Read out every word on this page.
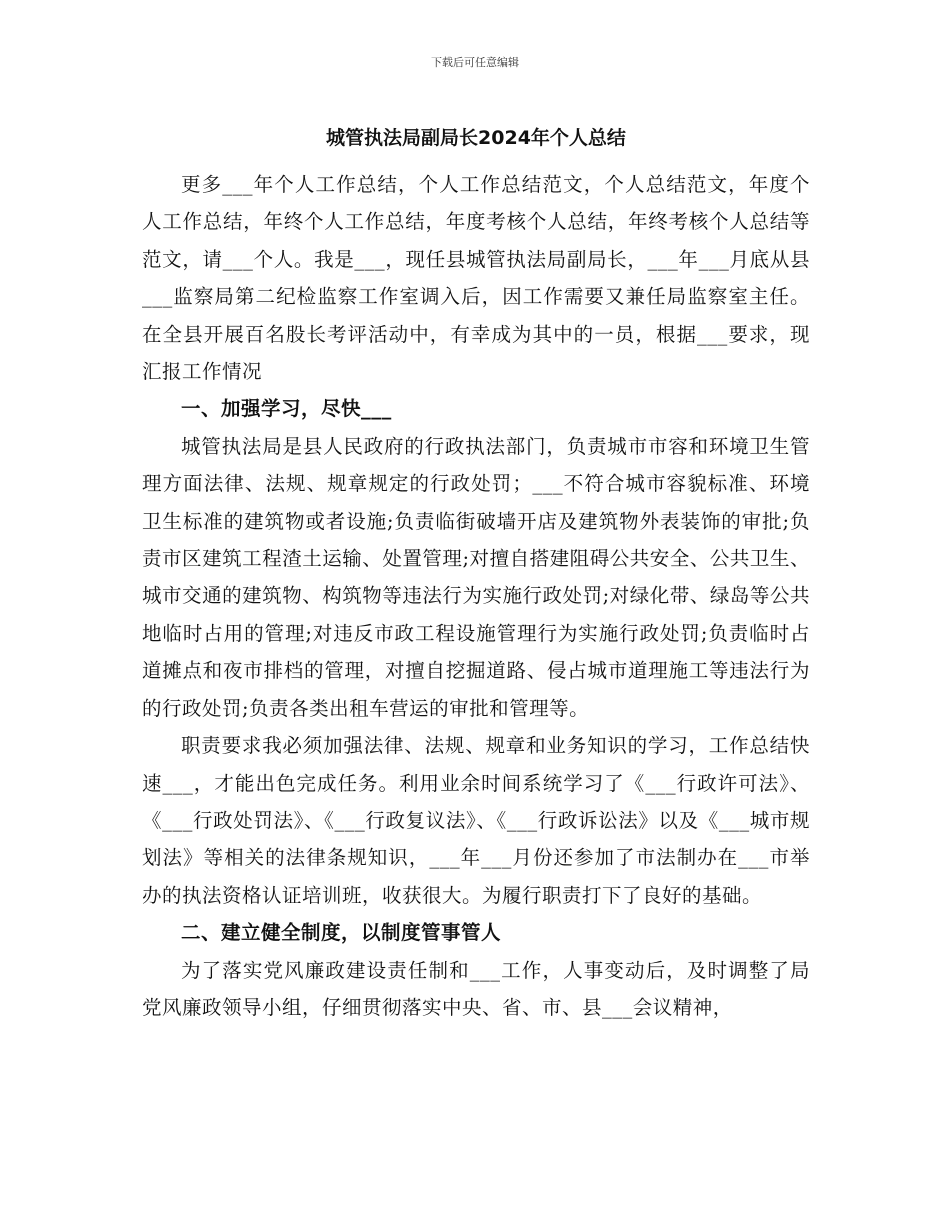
下载后可任意编辑
城管执法局副局长2024年个人总结

更多___年个人工作总结，个人工作总结范文，个人总结范文，年度个人工作总结，年终个人工作总结，年度考核个人总结，年终考核个人总结等范文，请___个人。我是___，现任县城管执法局副局长，___年___月底从县___监察局第二纪检监察工作室调入后，因工作需要又兼任局监察室主任。在全县开展百名股长考评活动中，有幸成为其中的一员，根据___要求，现汇报工作情况

一、加强学习，尽快___

城管执法局是县人民政府的行政执法部门，负责城市市容和环境卫生管理方面法律、法规、规章规定的行政处罚；___不符合城市容貌标准、环境卫生标准的建筑物或者设施;负责临街破墙开店及建筑物外表装饰的审批;负责市区建筑工程渣土运输、处置管理;对擅自搭建阻碍公共安全、公共卫生、城市交通的建筑物、构筑物等违法行为实施行政处罚;对绿化带、绿岛等公共地临时占用的管理;对违反市政工程设施管理行为实施行政处罚;负责临时占道摊点和夜市排档的管理，对擅自挖掘道路、侵占城市道理施工等违法行为的行政处罚;负责各类出租车营运的审批和管理等。

职责要求我必须加强法律、法规、规章和业务知识的学习，工作总结快速___，才能出色完成任务。利用业余时间系统学习了《___行政许可法》、《___行政处罚法》、《___行政复议法》、《___行政诉讼法》以及《___城市规划法》等相关的法律条规知识，___年___月份还参加了市法制办在___市举办的执法资格认证培训班，收获很大。为履行职责打下了良好的基础。

二、建立健全制度，以制度管事管人

为了落实党风廉政建设责任制和___工作，人事变动后，及时调整了局党风廉政领导小组，仔细贯彻落实中央、省、市、县___会议精神，
